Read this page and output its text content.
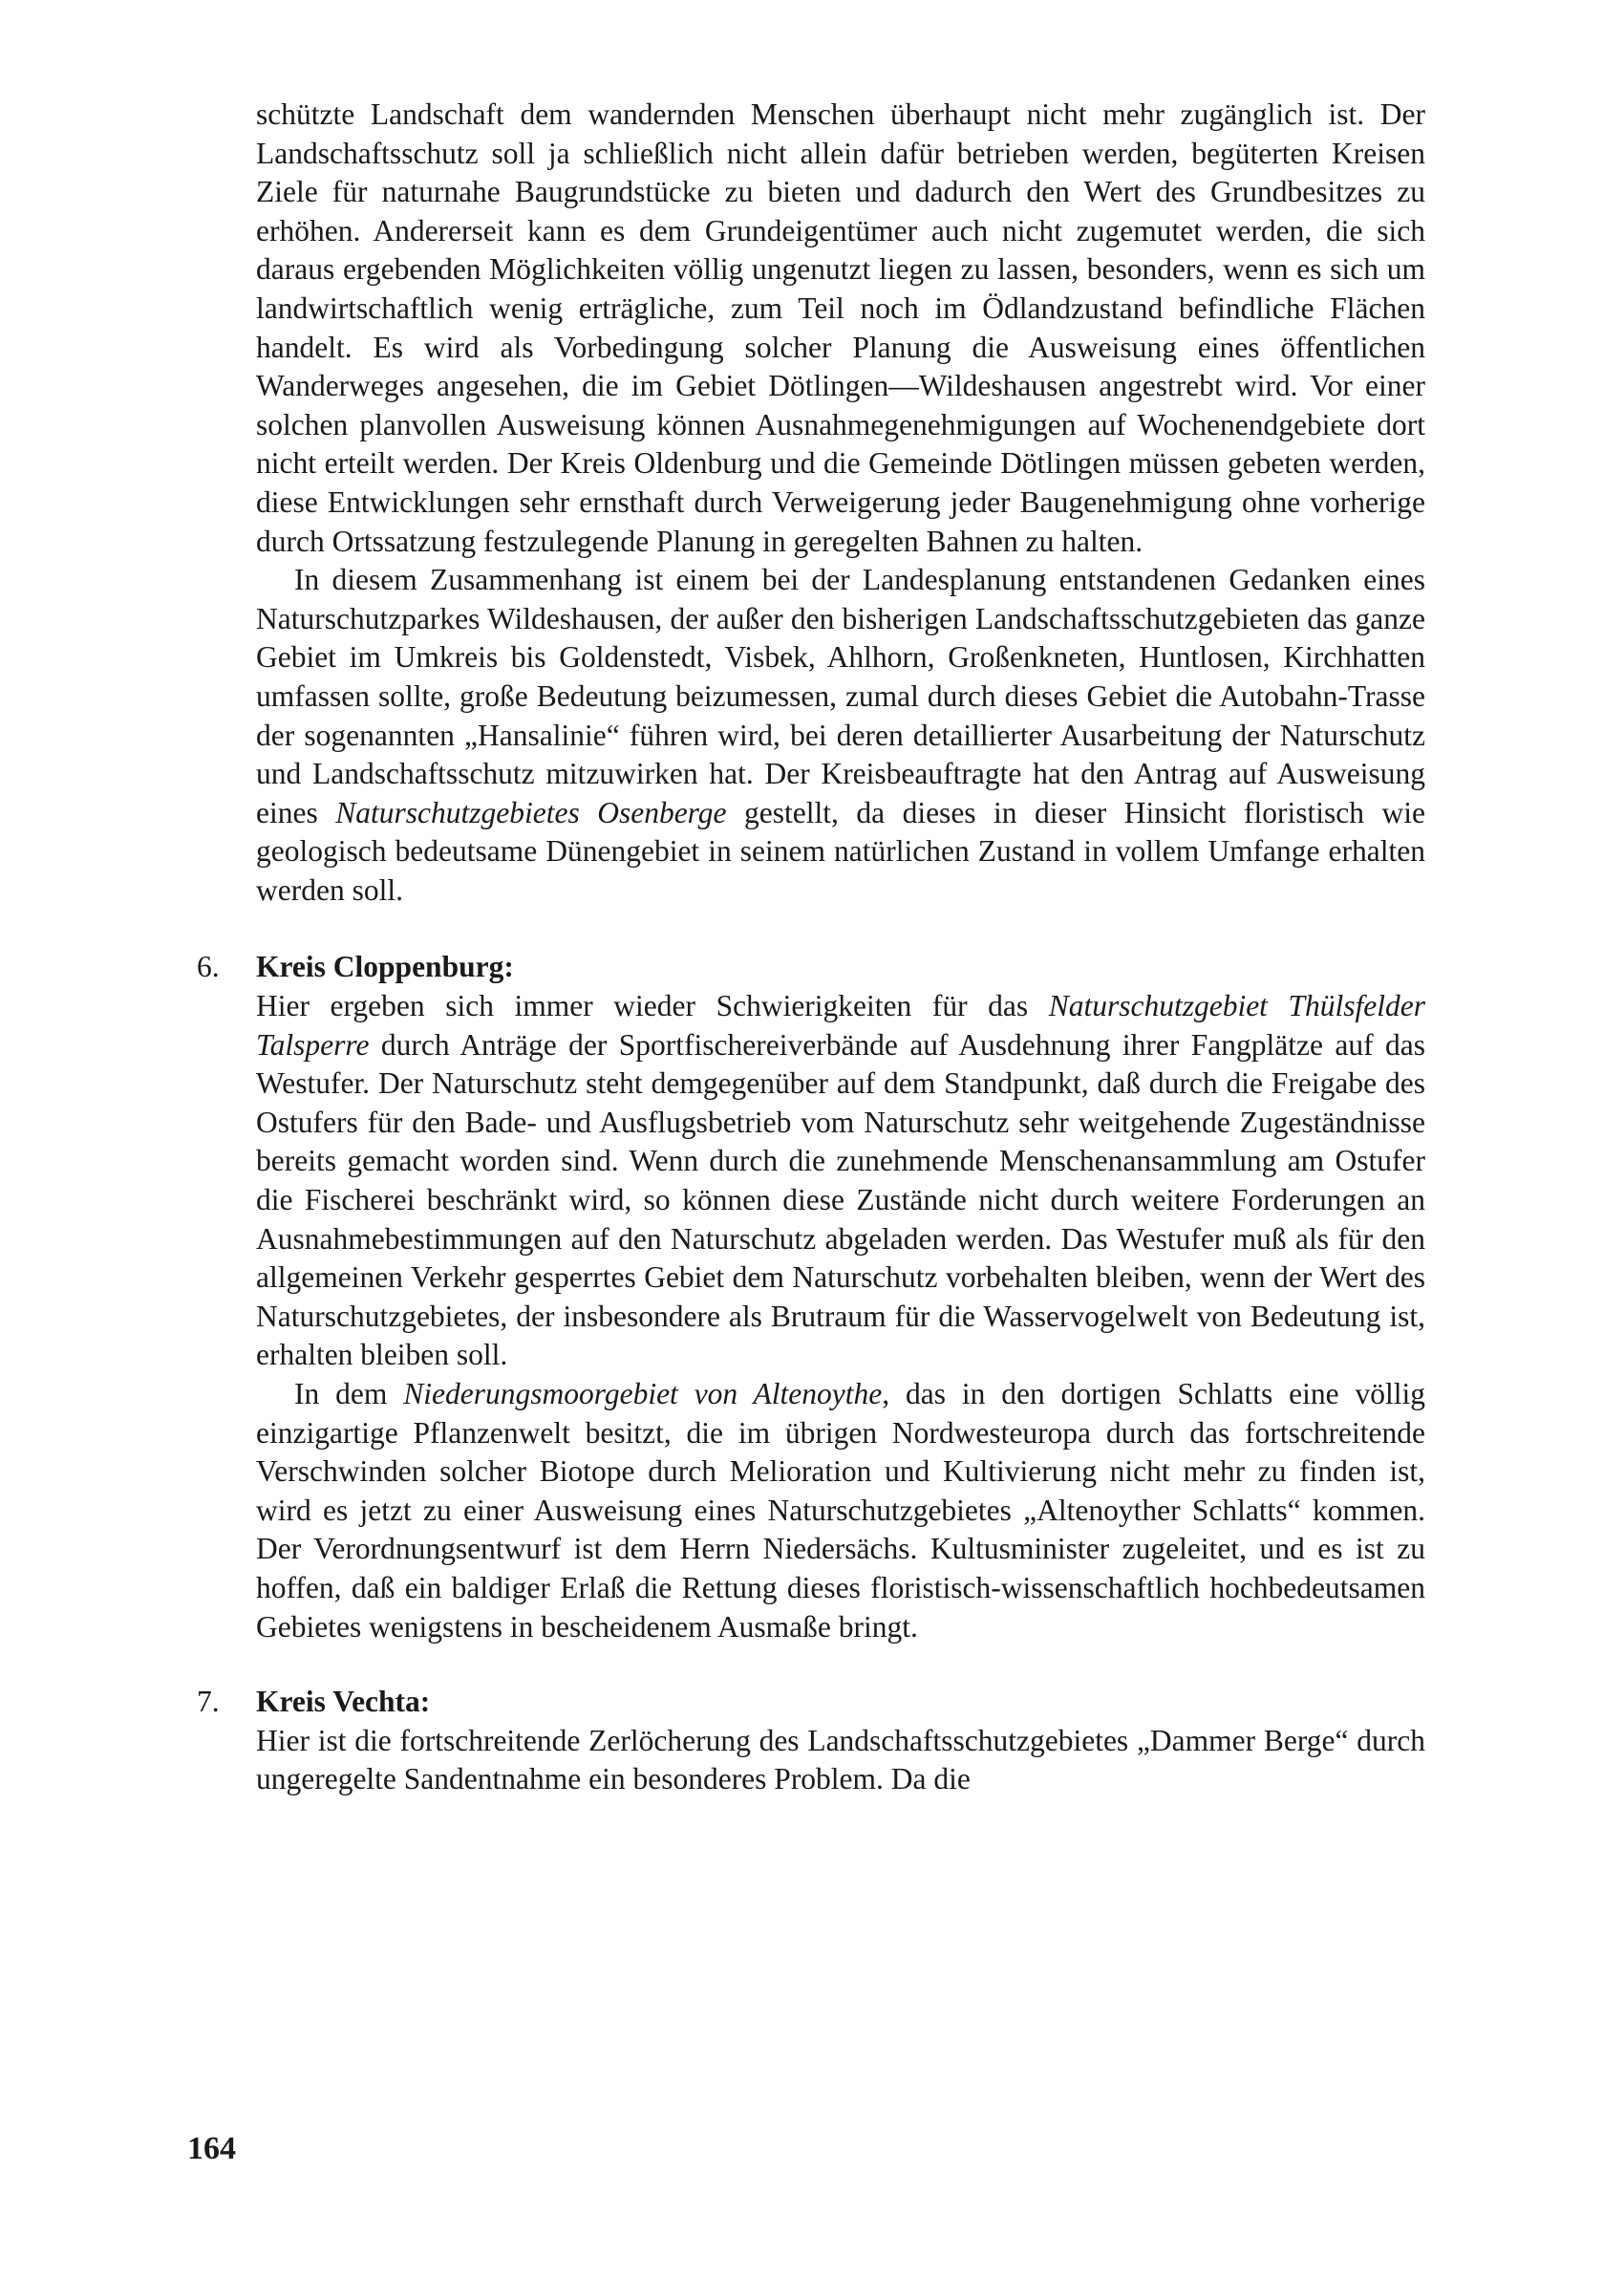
schützte Landschaft dem wandernden Menschen überhaupt nicht mehr zugänglich ist. Der Landschaftsschutz soll ja schließlich nicht allein dafür betrieben werden, begüterten Kreisen Ziele für naturnahe Baugrundstücke zu bieten und dadurch den Wert des Grundbesitzes zu erhöhen. Andererseit kann es dem Grundeigentümer auch nicht zugemutet werden, die sich daraus ergebenden Möglichkeiten völlig ungenutzt liegen zu lassen, besonders, wenn es sich um landwirtschaftlich wenig erträgliche, zum Teil noch im Ödlandzustand befindliche Flächen handelt. Es wird als Vorbedingung solcher Planung die Ausweisung eines öffentlichen Wanderweges angesehen, die im Gebiet Dötlingen—Wildeshausen angestrebt wird. Vor einer solchen planvollen Ausweisung können Ausnahmegenehmigungen auf Wochenendgebiete dort nicht erteilt werden. Der Kreis Oldenburg und die Gemeinde Dötlingen müssen gebeten werden, diese Entwicklungen sehr ernsthaft durch Verweigerung jeder Baugenehmigung ohne vorherige durch Ortssatzung festzulegende Planung in geregelten Bahnen zu halten.

In diesem Zusammenhang ist einem bei der Landesplanung entstandenen Gedanken eines Naturschutzparkes Wildeshausen, der außer den bisherigen Landschaftsschutzgebieten das ganze Gebiet im Umkreis bis Goldenstedt, Visbek, Ahlhorn, Großenkneten, Huntlosen, Kirchhatten umfassen sollte, große Bedeutung beizumessen, zumal durch dieses Gebiet die Autobahn-Trasse der sogenannten „Hansalinie“ führen wird, bei deren detaillierter Ausarbeitung der Naturschutz und Landschaftsschutz mitzuwirken hat. Der Kreisbeauftragte hat den Antrag auf Ausweisung eines Naturschutzgebietes Osenberge gestellt, da dieses in dieser Hinsicht floristisch wie geologisch bedeutsame Dünengebiet in seinem natürlichen Zustand in vollem Umfange erhalten werden soll.

6. Kreis Cloppenburg:

Hier ergeben sich immer wieder Schwierigkeiten für das Naturschutzgebiet Thülsfelder Talsperre durch Anträge der Sportfischereiverbände auf Ausdehnung ihrer Fangplätze auf das Westufer. Der Naturschutz steht demgegenüber auf dem Standpunkt, daß durch die Freigabe des Ostufers für den Bade- und Ausflugsbetrieb vom Naturschutz sehr weitgehende Zugeständnisse bereits gemacht worden sind. Wenn durch die zunehmende Menschenansammlung am Ostufer die Fischerei beschränkt wird, so können diese Zustände nicht durch weitere Forderungen an Ausnahmebestimmungen auf den Naturschutz abgeladen werden. Das Westufer muß als für den allgemeinen Verkehr gesperrtes Gebiet dem Naturschutz vorbehalten bleiben, wenn der Wert des Naturschutzgebietes, der insbesondere als Brutraum für die Wasservogelwelt von Bedeutung ist, erhalten bleiben soll.

In dem Niederungsmoorgebiet von Altenoythe, das in den dortigen Schlatts eine völlig einzigartige Pflanzenwelt besitzt, die im übrigen Nordwesteuropa durch das fortschreitende Verschwinden solcher Biotope durch Melioration und Kultivierung nicht mehr zu finden ist, wird es jetzt zu einer Ausweisung eines Naturschutzgebietes „Altenoyther Schlatts“ kommen. Der Verordnungsentwurf ist dem Herrn Niedersächs. Kultusminister zugeleitet, und es ist zu hoffen, daß ein baldiger Erlaß die Rettung dieses floristisch-wissenschaftlich hochbedeutsamen Gebietes wenigstens in bescheidenem Ausmaße bringt.

7. Kreis Vechta:

Hier ist die fortschreitende Zerlöcherung des Landschaftsschutzgebietes „Dammer Berge“ durch ungeregelte Sandentnahme ein besonderes Problem. Da die

164
